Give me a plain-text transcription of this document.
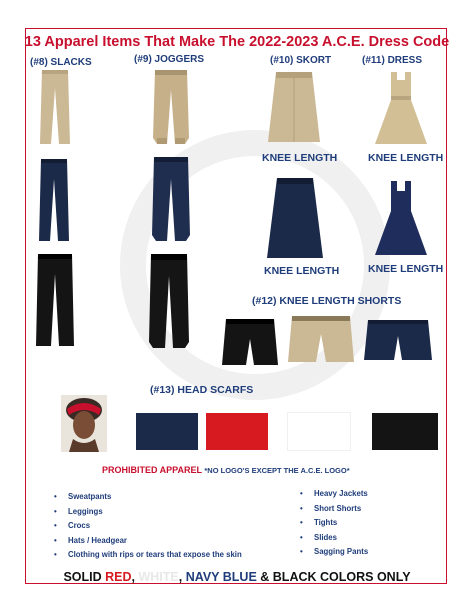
13 Apparel Items That Make The 2022-2023 A.C.E. Dress Code
(#8) SLACKS	(#9) JOGGERS	(#10) SKORT	(#11) DRESS
KNEE LENGTH
KNEE LENGTH
KNEE LENGTH
KNEE LENGTH
(#12) KNEE LENGTH SHORTS
(#13) HEAD SCARFS
PROHIBITED APPAREL *NO LOGO'S EXCEPT THE A.C.E. LOGO*
• Sweatpants
• Leggings
• Crocs
• Hats / Headgear
• Clothing with rips or tears that expose the skin
• Heavy Jackets
• Short Shorts
• Tights
• Slides
• Sagging Pants
SOLID RED, WHITE, NAVY BLUE & BLACK COLORS ONLY
